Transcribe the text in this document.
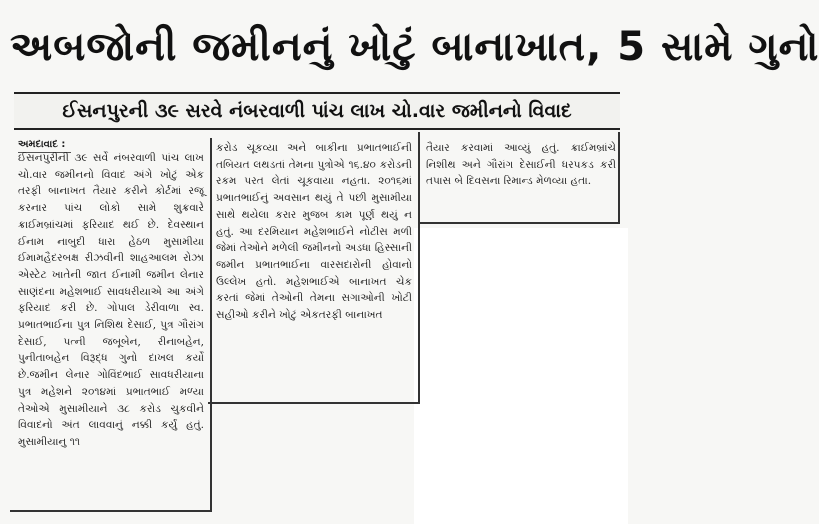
અબજોની જમીનનું ખોટું બાનાખાત, 5 સામે ગુનો
ઈસનપુરની ૩૯ સરવે નંબરવાળી પાંચ લાખ ચો.વાર જમીનનો વિવાદ
અમદાવાદ :

ઈસનપુરીની ૩૯ સર્વે નંબરવાળી પાંચ લાખ ચો.વાર જમીનનો વિવાદ અંગે ખોટું એક તરફી બાનાખત તૈયાર કરીને કોર્ટમાં રજૂ કરનાર પાંચ લોકો સામે શુક્રવારે ક્રાઈમબ્રાંચમાં ફરિયાદ થઈ છે. દેવસ્થાન ઈનામ નાબુદી ધારા હેઠળ મુસામીયા ઈમામહૈદરબક્ષ રીઝવીની શાહઆલમ રોઝા એસ્ટેટ ખાતેની જાત ઈનામી જમીન લેનાર સાણંદના મહેશભાઈ સાવધરીયાએ આ અંગે ફરિયાદ કરી છે. ગોપાલ ડેરીવાળા સ્વ. પ્રભાતભાઈના પુત્ર નિશિથ દેસાઈ, પુત્ર ગૌરાંગ દેસાઈ, પત્ની જબૂબેન, રીનાબહેન, પુનીતાબહેન વિરૂદ્ધ ગુનો દાખલ કર્યો છે.જમીન લેનાર ગોવિંદભાઈ સાવધરીયાના પુત્ર મહેશને ૨૦૧૪માં પ્રભાતભાઈ મળ્યા તેઓએ મુસામીયાને ૩૮ કરોડ ચુકવીને વિવાદનો અંત લાવવાનું નક્કી કર્યું હતું. મુસામીયાનુ ૧૧

કરોડ ચૂકવ્યા અને બાકીના પ્રભાતભાઈની તબિયત લથડતાં તેમના પુત્રોએ ૧૬.૪૦ કરોડની રકમ પરત લેતાં ચૂકવાયા નહતા. ૨૦૧૬માં પ્રભાતભાઈનું અવસાન થયું તે પછી મુસામીયા સાથે થયેલા કરાર મુજબ કામ પૂર્ણ થયું ન હતું. આ દરમિયાન મહેશભાઈને નોટીસ મળી જેમાં તેઓને મળેલી જમીનનો અડધા હિસ્સાની જમીન પ્રભાતભાઈના વારસદારોની હોવાનો ઉલ્લેખ હતો. મહેશભાઈએ બાનાખત ચેક કરતાં જેમાં તેઓની તેમના સગાઓની ખોટી સહીઓ કરીને ખોટું એકતરફી બાનાખત

તૈયાર કરવામાં આવ્યું હતું. ક્રાઈમબ્રાંચે નિશીથ અને ગૌરાંગ દેસાઈની ધરપકડ કરી તપાસ બે દિવસના રિમાન્ડ મેળવ્યા હતા.
